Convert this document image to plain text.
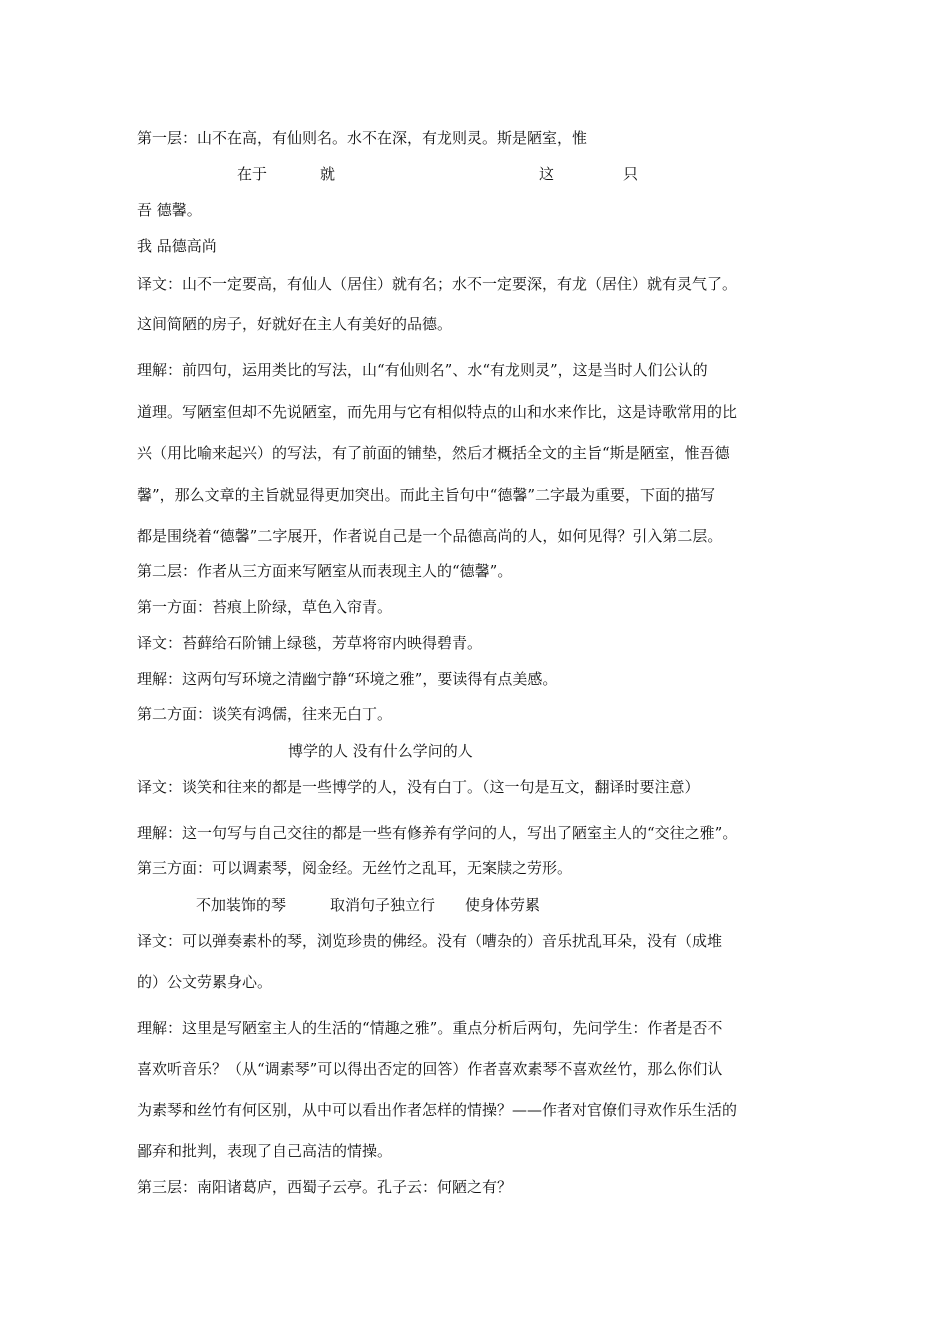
第一层：山不在高，有仙则名。水不在深，有龙则灵。斯是陋室，惟
吾 德馨。
我 品德高尚
译文：山不一定要高，有仙人（居住）就有名；水不一定要深，有龙（居住）就有灵气了。
这间简陋的房子，好就好在主人有美好的品德。
理解：前四句，运用类比的写法，山“有仙则名”、水“有龙则灵”，这是当时人们公认的
道理。写陋室但却不先说陋室，而先用与它有相似特点的山和水来作比，这是诗歌常用的比
兴（用比喻来起兴）的写法，有了前面的铺垫，然后才概括全文的主旨“斯是陋室，惟吾德
馨”，那么文章的主旨就显得更加突出。而此主旨句中“德馨”二字最为重要，下面的描写
都是围绕着“德馨”二字展开，作者说自己是一个品德高尚的人，如何见得？引入第二层。
第二层：作者从三方面来写陋室从而表现主人的“德馨”。
第一方面：苔痕上阶绿，草色入帘青。
译文：苔藓给石阶铺上绿毯，芳草将帘内映得碧青。
理解：这两句写环境之清幽宁静“环境之雅”，要读得有点美感。
第二方面：谈笑有鸿儒，往来无白丁。
译文：谈笑和往来的都是一些博学的人，没有白丁。（这一句是互文，翻译时要注意）
理解：这一句写与自己交往的都是一些有修养有学问的人，写出了陋室主人的“交往之雅”。
第三方面：可以调素琴，阅金经。无丝竹之乱耳，无案牍之劳形。
译文：可以弹奏素朴的琴，浏览珍贵的佛经。没有（嘈杂的）音乐扰乱耳朵，没有（成堆
的）公文劳累身心。
理解：这里是写陋室主人的生活的“情趣之雅”。重点分析后两句，先问学生：作者是否不
喜欢听音乐？（从“调素琴”可以得出否定的回答）作者喜欢素琴不喜欢丝竹，那么你们认
为素琴和丝竹有何区别，从中可以看出作者怎样的情操？——作者对官僚们寻欢作乐生活的
鄙弃和批判，表现了自己高洁的情操。
第三层：南阳诸葛庐，西蜀子云亭。孔子云：何陋之有？
在于	就	这	只
博学的人 没有什么学问的人
不加装饰的琴	取消句子独立行 使身体劳累
